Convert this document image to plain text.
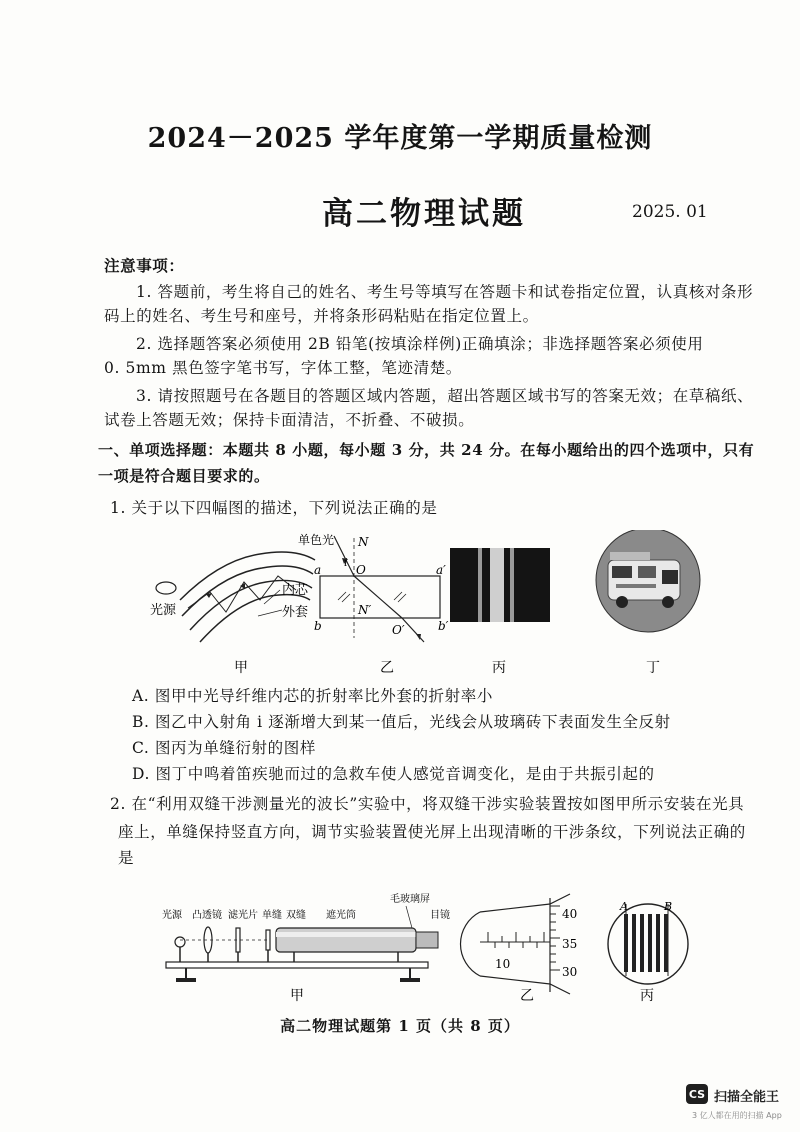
2024－2025 学年度第一学期质量检测
高二物理试题	2025. 01
注意事项：
1. 答题前，考生将自己的姓名、考生号等填写在答题卡和试卷指定位置，认真核对条形
码上的姓名、考生号和座号，并将条形码粘贴在指定位置上。
2. 选择题答案必须使用 2B 铅笔(按填涂样例)正确填涂；非选择题答案必须使用
0. 5mm 黑色签字笔书写，字体工整，笔迹清楚。
3. 请按照题号在各题目的答题区域内答题，超出答题区域书写的答案无效；在草稿纸、
试卷上答题无效；保持卡面清洁，不折叠、不破损。
一、单项选择题：本题共 8 小题，每小题 3 分，共 24 分。在每小题给出的四个选项中，只有
一项是符合题目要求的。
1. 关于以下四幅图的描述，下列说法正确的是
光源
内芯
外套
单色光 N
i
a	O	a′
b
N′
O′	b′
甲	乙	丙	丁
A. 图甲中光导纤维内芯的折射率比外套的折射率小
B. 图乙中入射角 i 逐渐增大到某一值后，光线会从玻璃砖下表面发生全反射
C. 图丙为单缝衍射的图样
D. 图丁中鸣着笛疾驰而过的急救车使人感觉音调变化，是由于共振引起的
2. 在“利用双缝干涉测量光的波长”实验中，将双缝干涉实验装置按如图甲所示安装在光具
座上，单缝保持竖直方向，调节实验装置使光屏上出现清晰的干涉条纹，下列说法正确的
是
光源 凸透镜 滤光片 单缝 双缝 遮光筒
毛玻璃屏
目镜
10
40
35
30
A	B
甲	乙	丙
高二物理试题第 1 页（共 8 页）
CS 扫描全能王
3 亿人都在用的扫描 App
